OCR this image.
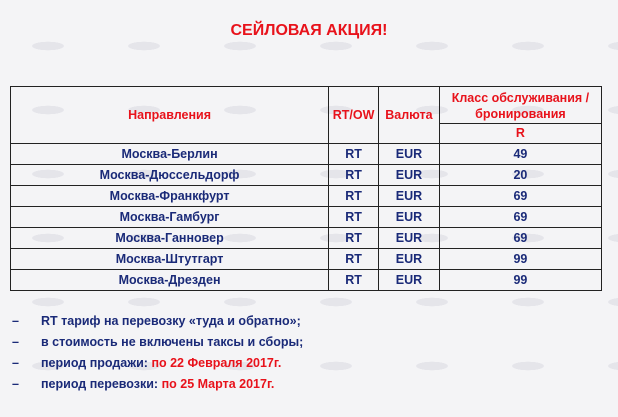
СЕЙЛОВАЯ АКЦИЯ!
Направления	RT/OW	Валюта	Класс обслуживания / бронирования
			R
Москва-Берлин	RT	EUR	49
Москва-Дюссельдорф	RT	EUR	20
Москва-Франкфурт	RT	EUR	69
Москва-Гамбург	RT	EUR	69
Москва-Ганновер	RT	EUR	69
Москва-Штутгарт	RT	EUR	99
Москва-Дрезден	RT	EUR	99
– RT тариф на перевозку «туда и обратно»;
– в стоимость не включены таксы и сборы;
– период продажи: по 22 Февраля 2017г.
– период перевозки: по 25 Марта 2017г.
